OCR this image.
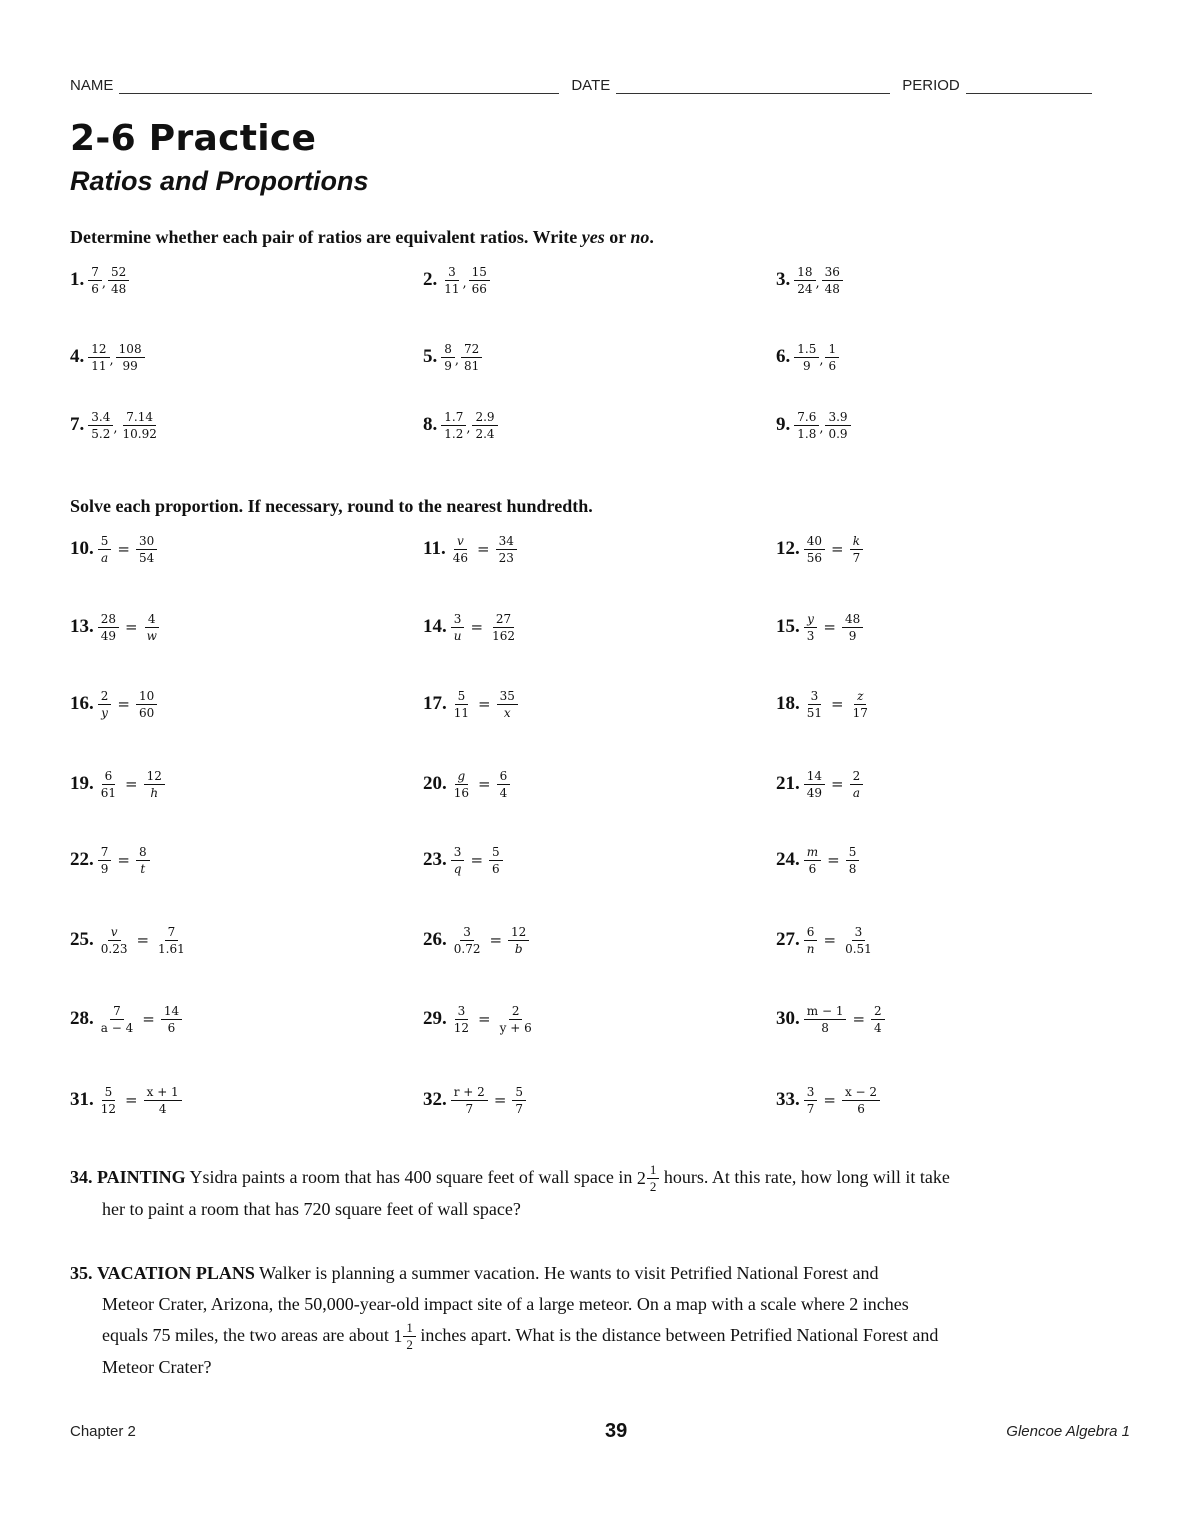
NAME	DATE	PERIOD
2-6 Practice
Ratios and Proportions
Determine whether each pair of ratios are equivalent ratios. Write yes or no.
1. $\frac{7}{6}$ , $\frac{52}{48}$	2. $\frac{3}{11}$ , $\frac{15}{66}$	3. $\frac{18}{24}$ , $\frac{36}{48}$
4. $\frac{12}{11}$ , $\frac{108}{99}$	5. $\frac{8}{9}$ , $\frac{72}{81}$	6. $\frac{1.5}{9}$ , $\frac{1}{6}$
7. $\frac{3.4}{5.2}$ , $\frac{7.14}{10.92}$	8. $\frac{1.7}{1.2}$ , $\frac{2.9}{2.4}$	9. $\frac{7.6}{1.8}$ , $\frac{3.9}{0.9}$
Solve each proportion. If necessary, round to the nearest hundredth.
10. $\frac{5}{a} = \frac{30}{54}$	11. $\frac{v}{46} = \frac{34}{23}$	12. $\frac{40}{56} = \frac{k}{7}$
13. $\frac{28}{49} = \frac{4}{w}$	14. $\frac{3}{u} = \frac{27}{162}$	15. $\frac{y}{3} = \frac{48}{9}$
16. $\frac{2}{y} = \frac{10}{60}$	17. $\frac{5}{11} = \frac{35}{x}$	18. $\frac{3}{51} = \frac{z}{17}$
19. $\frac{6}{61} = \frac{12}{h}$	20. $\frac{g}{16} = \frac{6}{4}$	21. $\frac{14}{49} = \frac{2}{a}$
22. $\frac{7}{9} = \frac{8}{t}$	23. $\frac{3}{q} = \frac{5}{6}$	24. $\frac{m}{6} = \frac{5}{8}$
25. $\frac{v}{0.23} = \frac{7}{1.61}$	26. $\frac{3}{0.72} = \frac{12}{b}$	27. $\frac{6}{n} = \frac{3}{0.51}$
28. $\frac{7}{a - 4} = \frac{14}{6}$	29. $\frac{3}{12} = \frac{2}{y + 6}$	30. $\frac{m - 1}{8} = \frac{2}{4}$
31. $\frac{5}{12} = \frac{x + 1}{4}$	32. $\frac{r + 2}{7} = \frac{5}{7}$	33. $\frac{3}{7} = \frac{x - 2}{6}$
34. PAINTING Ysidra paints a room that has 400 square feet of wall space in $2 \frac{1}{2}$ hours. At this rate, how long will it take
her to paint a room that has 720 square feet of wall space?
35. VACATION PLANS Walker is planning a summer vacation. He wants to visit Petrified National Forest and
Meteor Crater, Arizona, the 50,000-year-old impact site of a large meteor. On a map with a scale where 2 inches
equals 75 miles, the two areas are about $1 \frac{1}{2}$ inches apart. What is the distance between Petrified National Forest and
Meteor Crater?
Chapter 2	39	Glencoe Algebra 1
